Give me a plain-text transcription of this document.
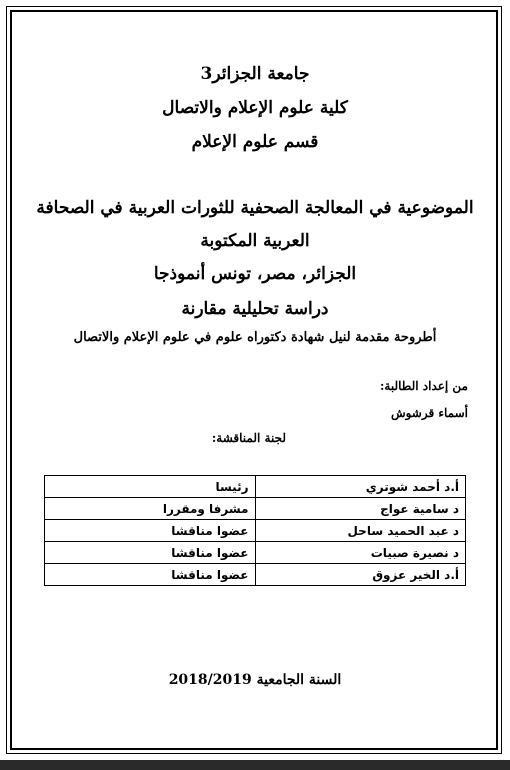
جامعة الجزائر3
كلية علوم الإعلام والاتصال
قسم علوم الإعلام
الموضوعية في المعالجة الصحفية للثورات العربية في الصحافة
العربية المكتوبة
الجزائر، مصر، تونس أنموذجا
دراسة تحليلية مقارنة
أطروحة مقدمة لنيل شهادة دكتوراه علوم في علوم الإعلام والاتصال
من إعداد الطالبة:
أسماء قرشوش
لجنة المناقشة:
أ.د أحمد شوتري	رئيسا
د سامية عواج	مشرفا ومقررا
د عبد الحميد ساحل	عضوا مناقشا
د نصيرة صبيات	عضوا مناقشا
أ.د الخير عزوق	عضوا مناقشا
السنة الجامعية 2018/2019
